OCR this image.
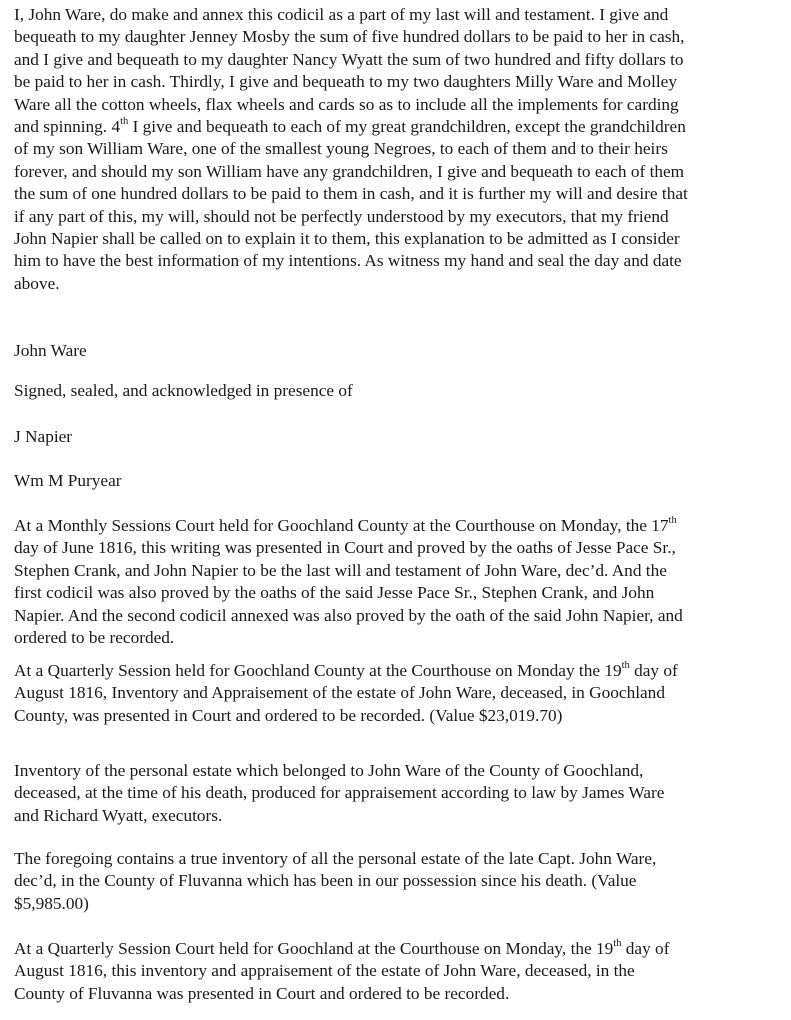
I, John Ware, do make and annex this codicil as a part of my last will and testament. I give and
bequeath to my daughter Jenney Mosby the sum of five hundred dollars to be paid to her in cash,
and I give and bequeath to my daughter Nancy Wyatt the sum of two hundred and fifty dollars to
be paid to her in cash. Thirdly, I give and bequeath to my two daughters Milly Ware and Molley
Ware all the cotton wheels, flax wheels and cards so as to include all the implements for carding
and spinning. 4th I give and bequeath to each of my great grandchildren, except the grandchildren
of my son William Ware, one of the smallest young Negroes, to each of them and to their heirs
forever, and should my son William have any grandchildren, I give and bequeath to each of them
the sum of one hundred dollars to be paid to them in cash, and it is further my will and desire that
if any part of this, my will, should not be perfectly understood by my executors, that my friend
John Napier shall be called on to explain it to them, this explanation to be admitted as I consider
him to have the best information of my intentions. As witness my hand and seal the day and date
above.
John Ware
Signed, sealed, and acknowledged in presence of
J Napier
Wm M Puryear
At a Monthly Sessions Court held for Goochland County at the Courthouse on Monday, the 17th
day of June 1816, this writing was presented in Court and proved by the oaths of Jesse Pace Sr.,
Stephen Crank, and John Napier to be the last will and testament of John Ware, dec’d. And the
first codicil was also proved by the oaths of the said Jesse Pace Sr., Stephen Crank, and John
Napier. And the second codicil annexed was also proved by the oath of the said John Napier, and
ordered to be recorded.
At a Quarterly Session held for Goochland County at the Courthouse on Monday the 19th day of
August 1816, Inventory and Appraisement of the estate of John Ware, deceased, in Goochland
County, was presented in Court and ordered to be recorded. (Value $23,019.70)
Inventory of the personal estate which belonged to John Ware of the County of Goochland,
deceased, at the time of his death, produced for appraisement according to law by James Ware
and Richard Wyatt, executors.
The foregoing contains a true inventory of all the personal estate of the late Capt. John Ware,
dec’d, in the County of Fluvanna which has been in our possession since his death. (Value
$5,985.00)
At a Quarterly Session Court held for Goochland at the Courthouse on Monday, the 19th day of
August 1816, this inventory and appraisement of the estate of John Ware, deceased, in the
County of Fluvanna was presented in Court and ordered to be recorded.
